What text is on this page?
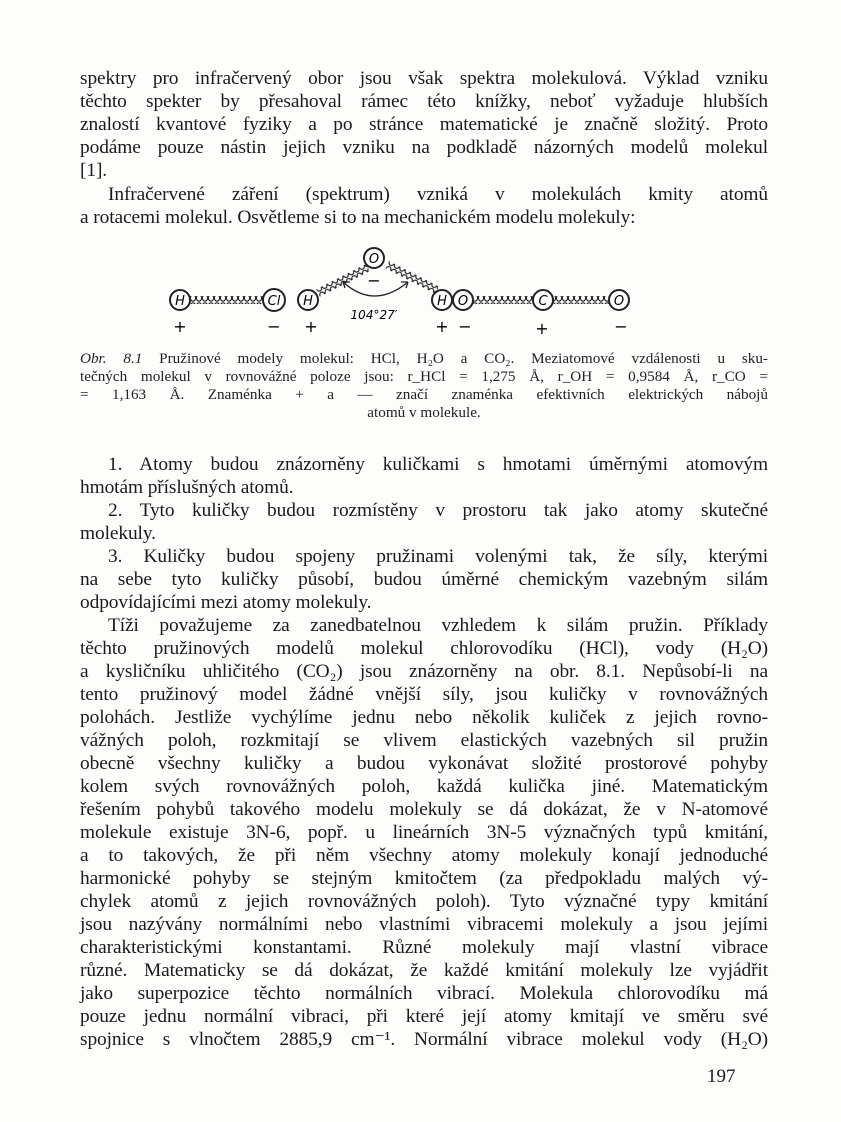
spektry pro infračervený obor jsou však spektra molekulová. Výklad vzniku
těchto spekter by přesahoval rámec této knížky, neboť vyžaduje hlubších
znalostí kvantové fyziky a po stránce matematické je značně složitý. Proto
podáme pouze nástin jejich vzniku na podkladě názorných modelů molekul
[1].
Infračervené záření (spektrum) vzniká v molekulách kmity atomů
a rotacemi molekul. Osvětleme si to na mechanickém modelu molekuly:
H	Cl
+	−
O
H	H
104°27′
−
+	+
O	C	O
−	+	−
Obr. 8.1 Pružinové modely molekul: HCl, H₂O a CO₂. Meziatomové vzdálenosti u sku-
tečných molekul v rovnovážné poloze jsou: r_HCl = 1,275 Å, r_OH = 0,9584 Å, r_CO =
= 1,163 Å. Znaménka + a — značí znaménka efektivních elektrických nábojů
atomů v molekule.
1. Atomy budou znázorněny kuličkami s hmotami úměrnými atomovým
hmotám příslušných atomů.
2. Tyto kuličky budou rozmístěny v prostoru tak jako atomy skutečné
molekuly.
3. Kuličky budou spojeny pružinami volenými tak, že síly, kterými
na sebe tyto kuličky působí, budou úměrné chemickým vazebným silám
odpovídajícími mezi atomy molekuly.
Tíži považujeme za zanedbatelnou vzhledem k silám pružin. Příklady
těchto pružinových modelů molekul chlorovodíku (HCl), vody (H₂O)
a kysličníku uhličitého (CO₂) jsou znázorněny na obr. 8.1. Nepůsobí-li na
tento pružinový model žádné vnější síly, jsou kuličky v rovnovážných
polohách. Jestliže vychýlíme jednu nebo několik kuliček z jejich rovno-
vážných poloh, rozkmitají se vlivem elastických vazebných sil pružin
obecně všechny kuličky a budou vykonávat složité prostorové pohyby
kolem svých rovnovážných poloh, každá kulička jiné. Matematickým
řešením pohybů takového modelu molekuly se dá dokázat, že v N-atomové
molekule existuje 3N-6, popř. u lineárních 3N-5 význačných typů kmitání,
a to takových, že při něm všechny atomy molekuly konají jednoduché
harmonické pohyby se stejným kmitočtem (za předpokladu malých vý-
chylek atomů z jejich rovnovážných poloh). Tyto význačné typy kmitání
jsou nazývány normálními nebo vlastními vibracemi molekuly a jsou jejími
charakteristickými konstantami. Různé molekuly mají vlastní vibrace
různé. Matematicky se dá dokázat, že každé kmitání molekuly lze vyjádřit
jako superpozice těchto normálních vibrací. Molekula chlorovodíku má
pouze jednu normální vibraci, při které její atomy kmitají ve směru své
spojnice s vlnočtem 2885,9 cm⁻¹. Normální vibrace molekul vody (H₂O)
197
